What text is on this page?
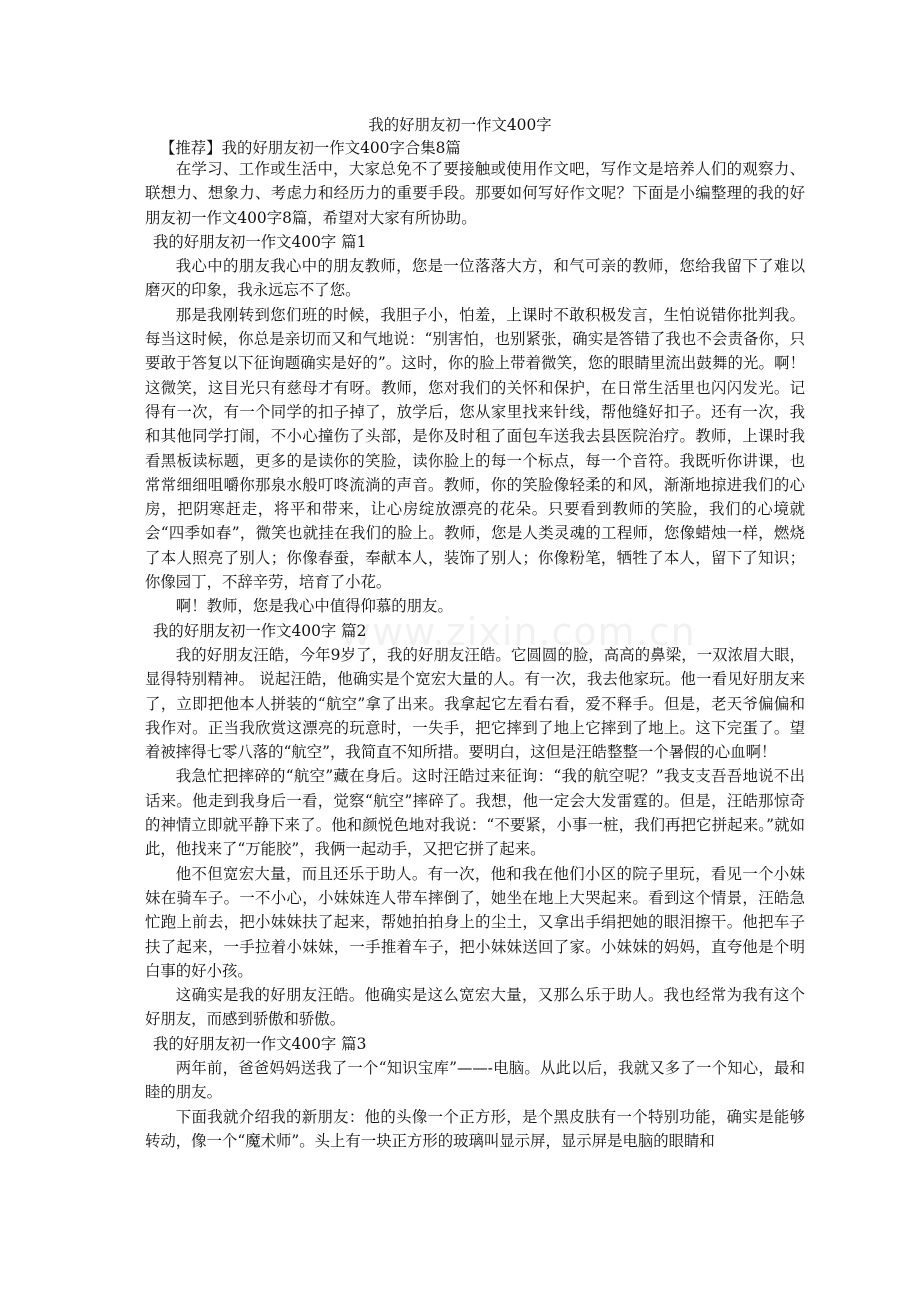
我的好朋友初一作文400字
【推荐】我的好朋友初一作文400字合集8篇

在学习、工作或生活中，大家总免不了要接触或使用作文吧，写作文是培养人们的观察力、联想力、想象力、考虑力和经历力的重要手段。那要如何写好作文呢？下面是小编整理的我的好朋友初一作文400字8篇，希望对大家有所协助。

我的好朋友初一作文400字 篇1

我心中的朋友我心中的朋友教师，您是一位落落大方，和气可亲的教师，您给我留下了难以磨灭的印象，我永远忘不了您。

那是我刚转到您们班的时候，我胆子小，怕羞，上课时不敢积极发言，生怕说错你批判我。每当这时候，你总是亲切而又和气地说：“别害怕，也别紧张，确实是答错了我也不会责备你，只要敢于答复以下征询题确实是好的”。这时，你的脸上带着微笑，您的眼睛里流出鼓舞的光。啊！这微笑，这目光只有慈母才有呀。教师，您对我们的关怀和保护，在日常生活里也闪闪发光。记得有一次，有一个同学的扣子掉了，放学后，您从家里找来针线，帮他缝好扣子。还有一次，我和其他同学打闹，不小心撞伤了头部，是你及时租了面包车送我去县医院治疗。教师，上课时我看黑板读标题，更多的是读你的笑脸，读你脸上的每一个标点，每一个音符。我既听你讲课，也常常细细咀嚼你那泉水般叮咚流淌的声音。教师，你的笑脸像轻柔的和风，渐渐地掠进我们的心房，把阴寒赶走，将平和带来，让心房绽放漂亮的花朵。只要看到教师的笑脸，我们的心境就会“四季如春”，微笑也就挂在我们的脸上。教师，您是人类灵魂的工程师，您像蜡烛一样，燃烧了本人照亮了别人；你像春蚕，奉献本人，装饰了别人；你像粉笔，牺牲了本人，留下了知识；你像园丁，不辞辛劳，培育了小花。

啊！教师，您是我心中值得仰慕的朋友。

我的好朋友初一作文400字 篇2

我的好朋友汪皓，今年9岁了，我的好朋友汪皓。它圆圆的脸，高高的鼻梁，一双浓眉大眼，显得特别精神。 说起汪皓，他确实是个宽宏大量的人。有一次，我去他家玩。他一看见好朋友来了，立即把他本人拼装的“航空”拿了出来。我拿起它左看右看，爱不释手。但是，老天爷偏偏和我作对。正当我欣赏这漂亮的玩意时，一失手，把它摔到了地上它摔到了地上。这下完蛋了。望着被摔得七零八落的“航空”，我简直不知所措。要明白，这但是汪皓整整一个暑假的心血啊！

我急忙把摔碎的“航空”藏在身后。这时汪皓过来征询：“我的航空呢？”我支支吾吾地说不出话来。他走到我身后一看，觉察“航空”摔碎了。我想，他一定会大发雷霆的。但是，汪皓那惊奇的神情立即就平静下来了。他和颜悦色地对我说：“不要紧，小事一桩，我们再把它拼起来。”就如此，他找来了“万能胶”，我俩一起动手，又把它拼了起来。

他不但宽宏大量，而且还乐于助人。有一次，他和我在他们小区的院子里玩，看见一个小妹妹在骑车子。一不小心，小妹妹连人带车摔倒了，她坐在地上大哭起来。看到这个情景，汪皓急忙跑上前去，把小妹妹扶了起来，帮她拍拍身上的尘土，又拿出手绢把她的眼泪擦干。他把车子扶了起来，一手拉着小妹妹，一手推着车子，把小妹妹送回了家。小妹妹的妈妈，直夸他是个明白事的好小孩。

这确实是我的好朋友汪皓。他确实是这么宽宏大量，又那么乐于助人。我也经常为我有这个好朋友，而感到骄傲和骄傲。

我的好朋友初一作文400字 篇3

两年前，爸爸妈妈送我了一个“知识宝库”——-电脑。从此以后，我就又多了一个知心，最和睦的朋友。

下面我就介绍我的新朋友：他的头像一个正方形，是个黑皮肤有一个特别功能，确实是能够转动，像一个“魔术师”。头上有一块正方形的玻璃叫显示屏，显示屏是电脑的眼睛和

www.zixin.com.cn
